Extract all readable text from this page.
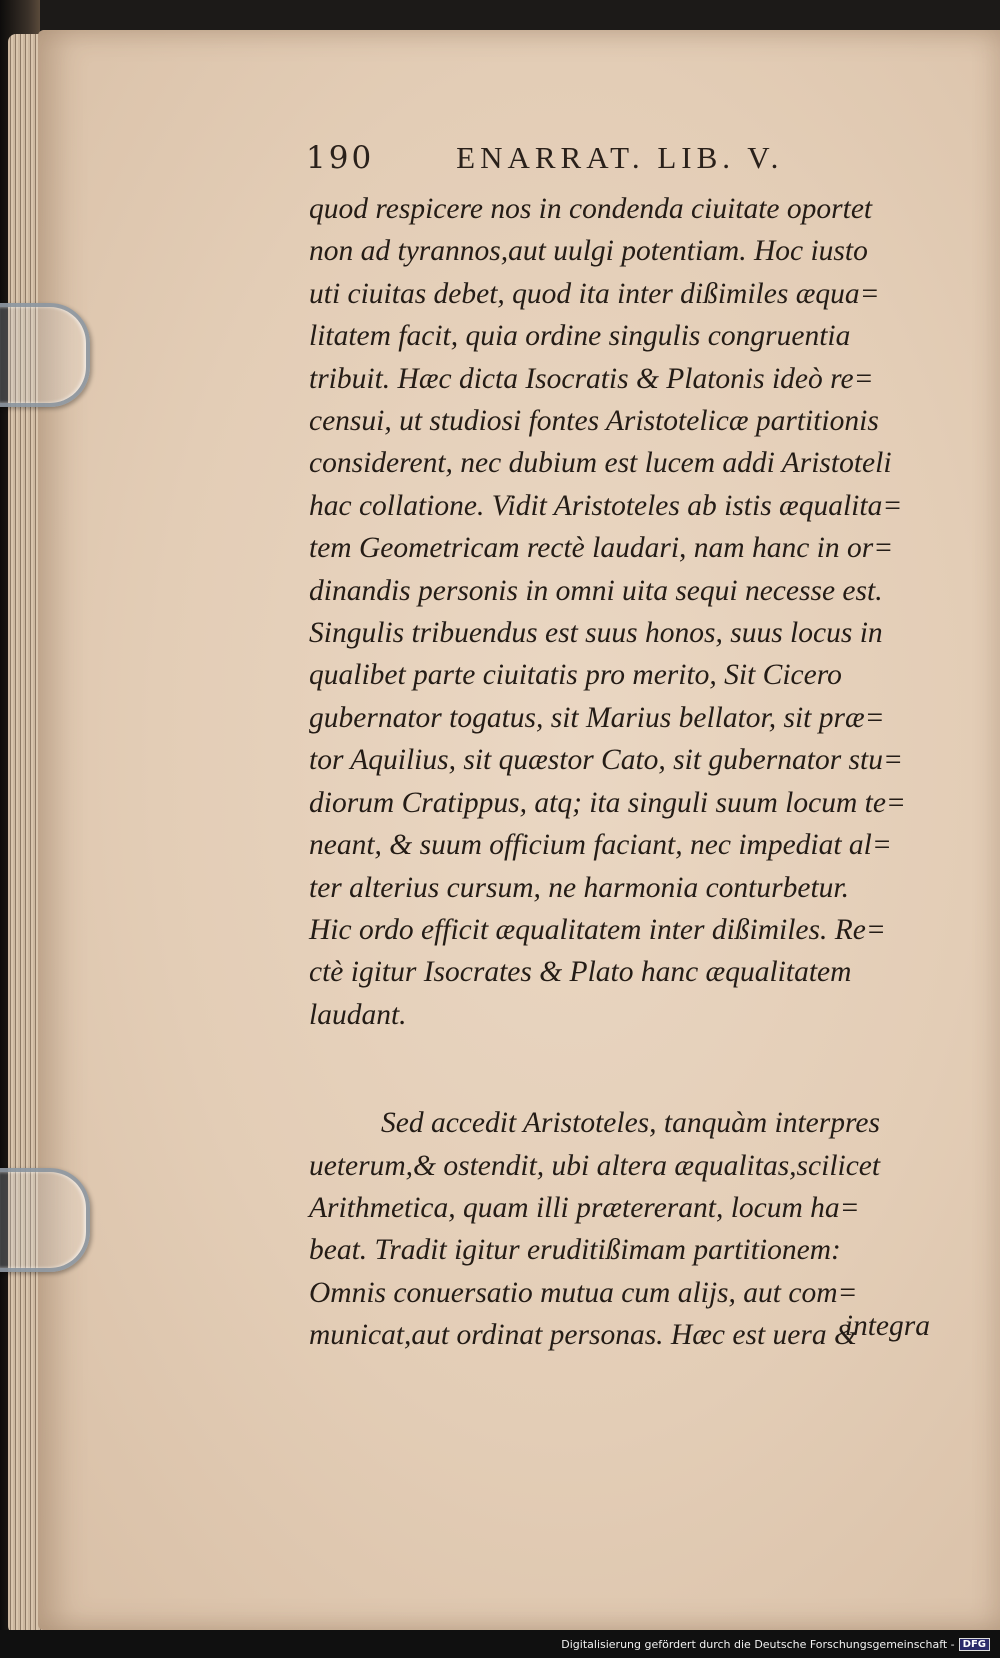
190	ENARRAT. LIB. V.
quod respicere nos in condenda ciuitate oportet
non ad tyrannos,aut uulgi potentiam. Hoc iusto
uti ciuitas debet, quod ita inter dißimiles æqua=
litatem facit, quia ordine singulis congruentia
tribuit. Hæc dicta Isocratis & Platonis ideò re=
censui, ut studiosi fontes Aristotelicæ partitionis
considerent, nec dubium est lucem addi Aristoteli
hac collatione. Vidit Aristoteles ab istis æqualita=
tem Geometricam rectè laudari, nam hanc in or=
dinandis personis in omni uita sequi necesse est.
Singulis tribuendus est suus honos, suus locus in
qualibet parte ciuitatis pro merito, Sit Cicero
gubernator togatus, sit Marius bellator, sit præ=
tor Aquilius, sit quæstor Cato, sit gubernator stu=
diorum Cratippus, atq; ita singuli suum locum te=
neant, & suum officium faciant, nec impediat al=
ter alterius cursum, ne harmonia conturbetur.
Hic ordo efficit æqualitatem inter dißimiles. Re=
ctè igitur Isocrates & Plato hanc æqualitatem
laudant.
Sed accedit Aristoteles, tanquàm interpres
ueterum,& ostendit, ubi altera æqualitas,scilicet
Arithmetica, quam illi prætererant, locum ha=
beat. Tradit igitur eruditißimam partitionem:
Omnis conuersatio mutua cum alijs, aut com=
municat,aut ordinat personas. Hæc est uera &
integra
Digitalisierung gefördert durch die Deutsche Forschungsgemeinschaft - DFG
